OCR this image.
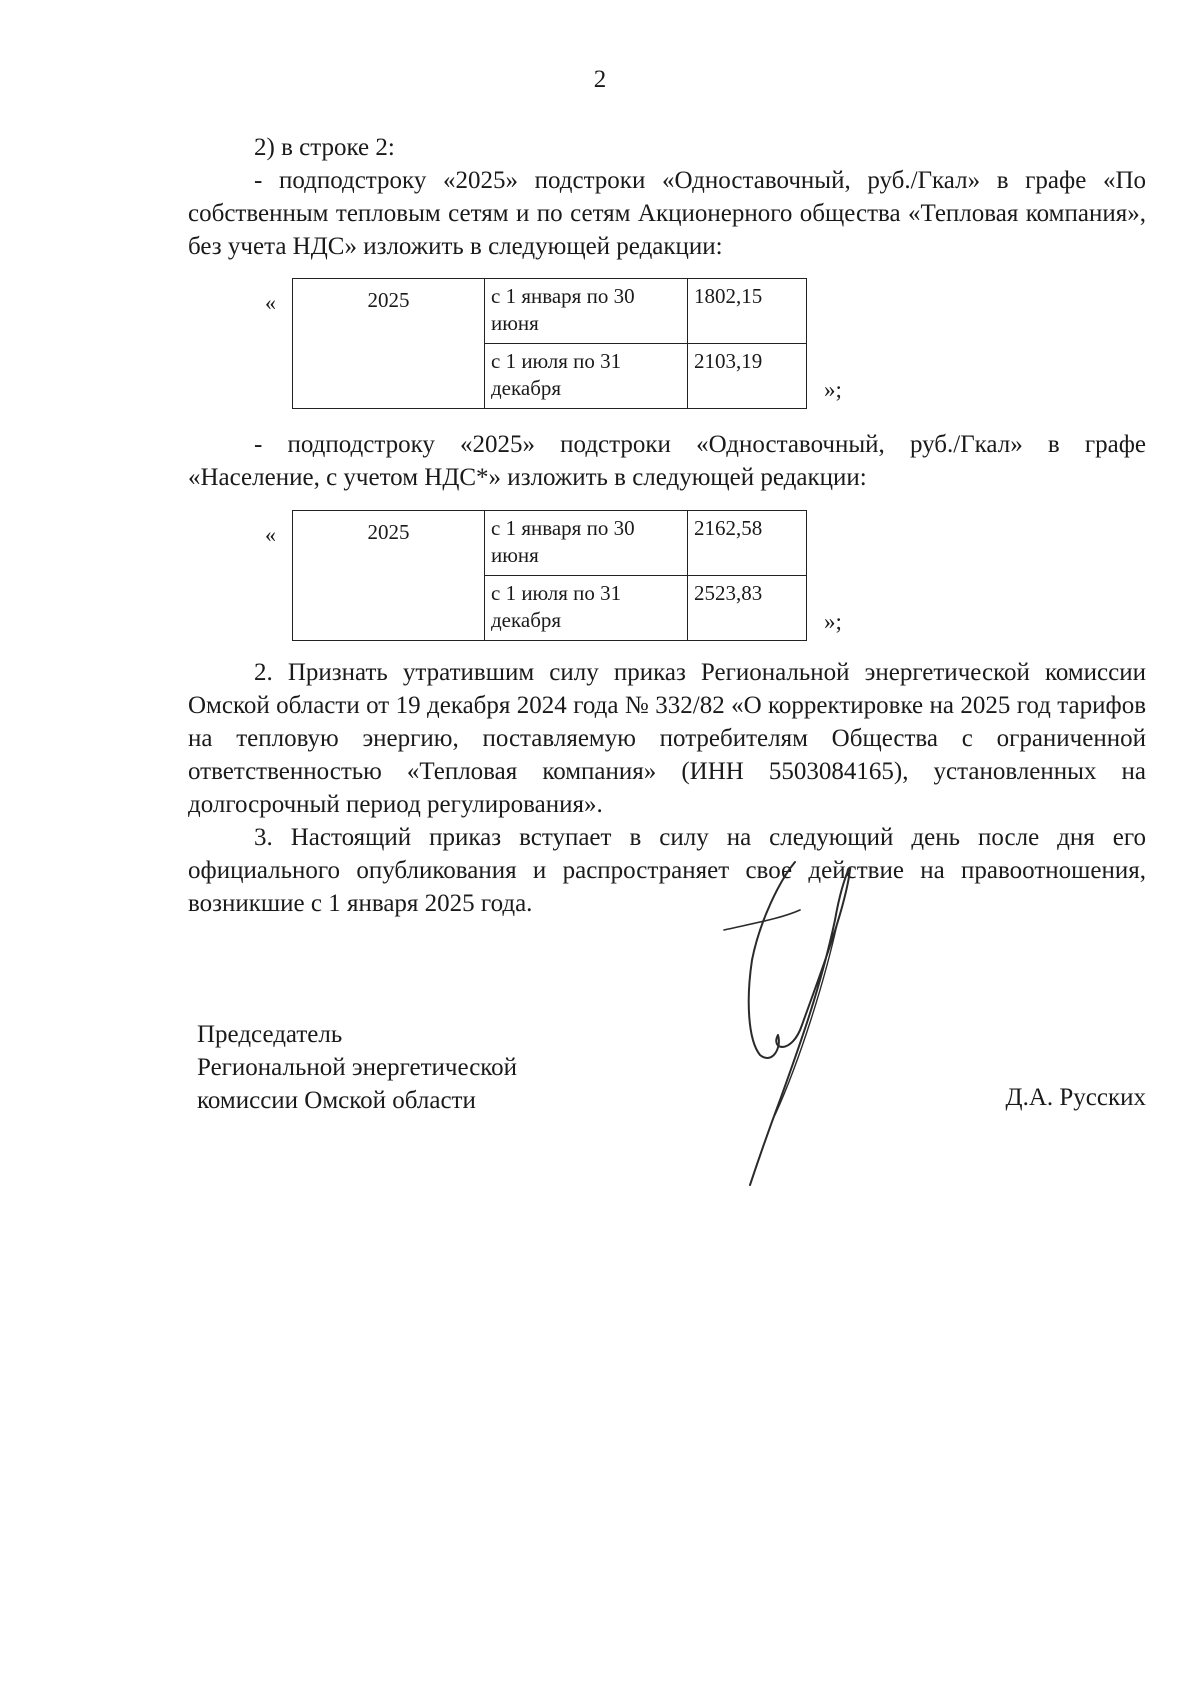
2

2) в строке 2:

- подподстроку «2025» подстроки «Одноставочный, руб./Гкал» в графе «По собственным тепловым сетям и по сетям Акционерного общества «Тепловая компания», без учета НДС» изложить в следующей редакции:

«	2025	с 1 января по 30 июня	1802,15
	с 1 июля по 31 декабря	2103,19
»;

- подподстроку «2025» подстроки «Одноставочный, руб./Гкал» в графе «Население, с учетом НДС*» изложить в следующей редакции:

«	2025	с 1 января по 30 июня	2162,58
	с 1 июля по 31 декабря	2523,83
»;

2. Признать утратившим силу приказ Региональной энергетической комиссии Омской области от 19 декабря 2024 года № 332/82 «О корректировке на 2025 год тарифов на тепловую энергию, поставляемую потребителям Общества с ограниченной ответственностью «Тепловая компания» (ИНН 5503084165), установленных на долгосрочный период регулирования».

3. Настоящий приказ вступает в силу на следующий день после дня его официального опубликования и распространяет свое действие на правоотношения, возникшие с 1 января 2025 года.

Председатель
Региональной энергетической
комиссии Омской области	Д.А. Русских
